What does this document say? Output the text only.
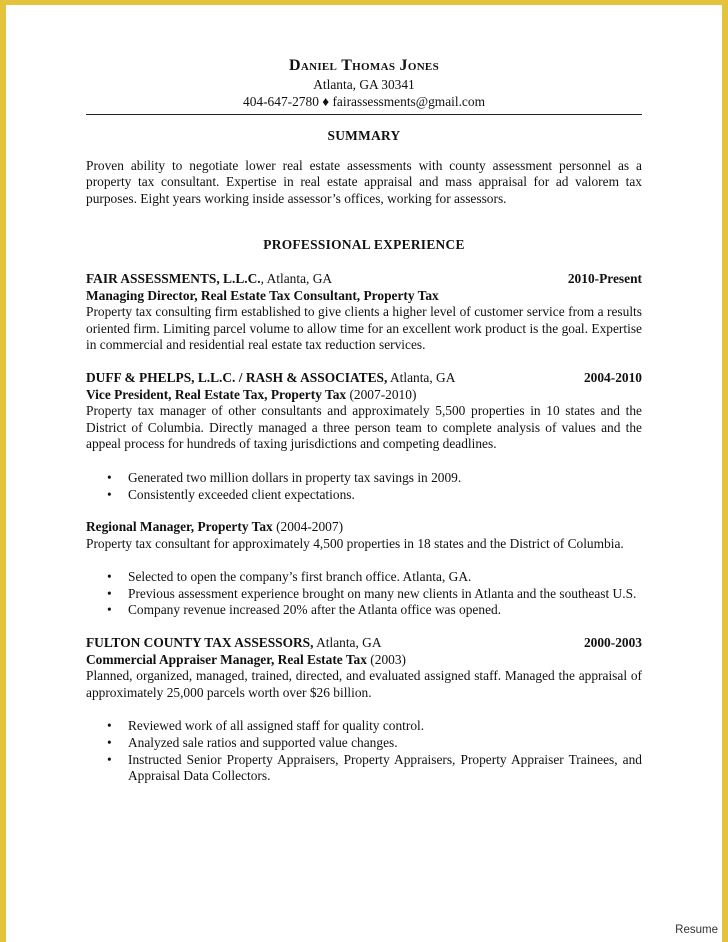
Daniel Thomas Jones
Atlanta, GA 30341
404-647-2780 ♦ fairassessments@gmail.com
SUMMARY
Proven ability to negotiate lower real estate assessments with county assessment personnel as a property tax consultant. Expertise in real estate appraisal and mass appraisal for ad valorem tax purposes. Eight years working inside assessor’s offices, working for assessors.
PROFESSIONAL EXPERIENCE
FAIR ASSESSMENTS, L.L.C., Atlanta, GA	2010-Present
Managing Director, Real Estate Tax Consultant, Property Tax
Property tax consulting firm established to give clients a higher level of customer service from a results oriented firm. Limiting parcel volume to allow time for an excellent work product is the goal. Expertise in commercial and residential real estate tax reduction services.
DUFF & PHELPS, L.L.C. / RASH & ASSOCIATES, Atlanta, GA	2004-2010
Vice President, Real Estate Tax, Property Tax (2007-2010)
Property tax manager of other consultants and approximately 5,500 properties in 10 states and the District of Columbia. Directly managed a three person team to complete analysis of values and the appeal process for hundreds of taxing jurisdictions and competing deadlines.
• Generated two million dollars in property tax savings in 2009.
• Consistently exceeded client expectations.
Regional Manager, Property Tax (2004-2007)
Property tax consultant for approximately 4,500 properties in 18 states and the District of Columbia.
• Selected to open the company’s first branch office. Atlanta, GA.
• Previous assessment experience brought on many new clients in Atlanta and the southeast U.S.
• Company revenue increased 20% after the Atlanta office was opened.
FULTON COUNTY TAX ASSESSORS, Atlanta, GA	2000-2003
Commercial Appraiser Manager, Real Estate Tax (2003)
Planned, organized, managed, trained, directed, and evaluated assigned staff. Managed the appraisal of approximately 25,000 parcels worth over $26 billion.
• Reviewed work of all assigned staff for quality control.
• Analyzed sale ratios and supported value changes.
• Instructed Senior Property Appraisers, Property Appraisers, Property Appraiser Trainees, and Appraisal Data Collectors.
Resume
